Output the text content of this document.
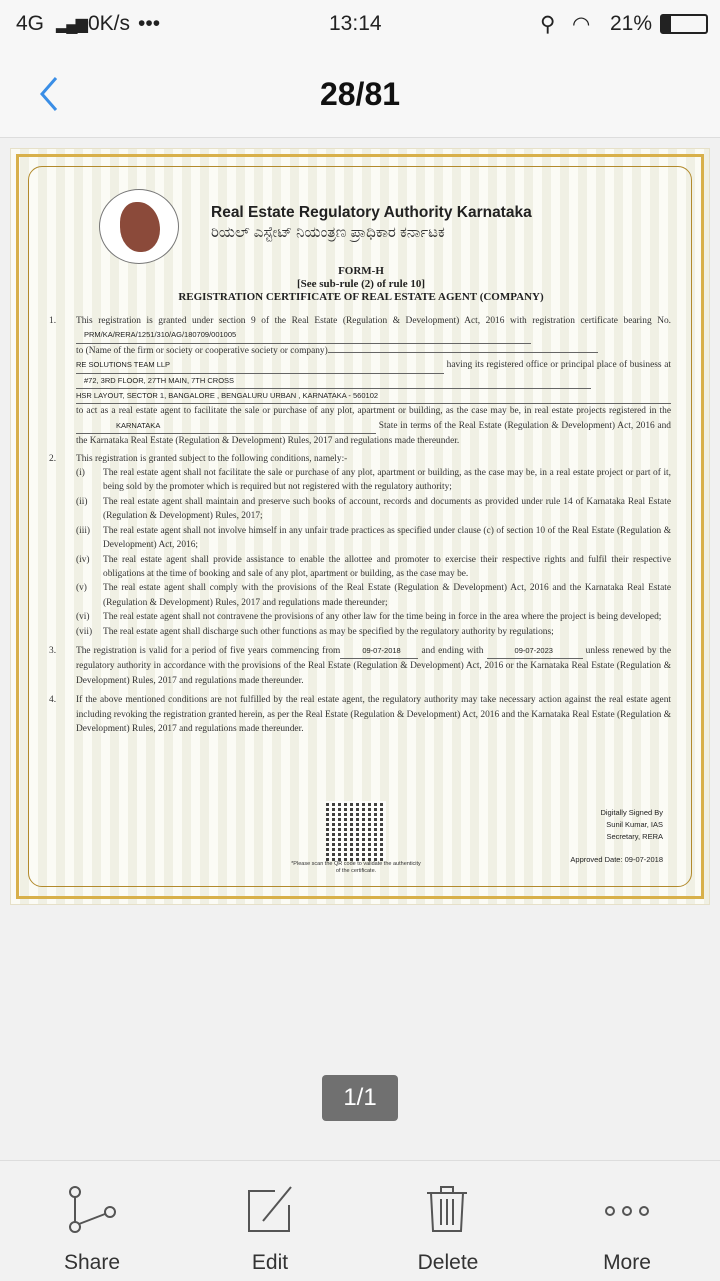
4G ▂▄▆ 0K/s •••	13:14	⚲ ◠ 21%
28/81
Real Estate Regulatory Authority Karnataka
ರಿಯಲ್ ಎಸ್ಟೇಟ್ ನಿಯಂತ್ರಣ ಪ್ರಾಧಿಕಾರ ಕರ್ನಾಟಕ
FORM-H
[See sub-rule (2) of rule 10]
REGISTRATION CERTIFICATE OF REAL ESTATE AGENT (COMPANY)
1. This registration is granted under section 9 of the Real Estate (Regulation & Development) Act, 2016 with registration certificate bearing No. PRM/KA/RERA/1251/310/AG/180709/001005
to (Name of the firm or society or cooperative society or company)
RE SOLUTIONS TEAM LLP	having its registered office or principal place of business at #72, 3RD FLOOR, 27TH MAIN, 7TH CROSS
HSR LAYOUT, SECTOR 1, BANGALORE , BENGALURU URBAN , KARNATAKA - 560102
to act as a real estate agent to facilitate the sale or purchase of any plot, apartment or building, as the case may be, in real estate projects registered in the KARNATAKA	State in terms of the Real Estate (Regulation & Development) Act, 2016 and the Karnataka Real Estate (Regulation & Development) Rules, 2017 and regulations made thereunder.
2. This registration is granted subject to the following conditions, namely:-
(i) The real estate agent shall not facilitate the sale or purchase of any plot, apartment or building, as the case may be, in a real estate project or part of it, being sold by the promoter which is required but not registered with the regulatory authority;
(ii) The real estate agent shall maintain and preserve such books of account, records and documents as provided under rule 14 of Karnataka Real Estate (Regulation & Development) Rules, 2017;
(iii) The real estate agent shall not involve himself in any unfair trade practices as specified under clause (c) of section 10 of the Real Estate (Regulation & Development) Act, 2016;
(iv) The real estate agent shall provide assistance to enable the allottee and promoter to exercise their respective rights and fulfil their respective obligations at the time of booking and sale of any plot, apartment or building, as the case may be.
(v) The real estate agent shall comply with the provisions of the Real Estate (Regulation & Development) Act, 2016 and the Karnataka Real Estate (Regulation & Development) Rules, 2017 and regulations made thereunder;
(vi) The real estate agent shall not contravene the provisions of any other law for the time being in force in the area where the project is being developed;
(vii) The real estate agent shall discharge such other functions as may be specified by the regulatory authority by regulations;
3. The registration is valid for a period of five years commencing from	09-07-2018 and ending with	09-07-2023	unless renewed by the regulatory authority in accordance with the provisions of the Real Estate (Regulation & Development) Act, 2016 or the Karnataka Real Estate (Regulation & Development) Rules, 2017 and regulations made thereunder.
4. If the above mentioned conditions are not fulfilled by the real estate agent, the regulatory authority may take necessary action against the real estate agent including revoking the registration granted herein, as per the Real Estate (Regulation & Development) Act, 2016 and the Karnataka Real Estate (Regulation & Development) Rules, 2017 and regulations made thereunder.
*Please scan the QR code to validate the authenticity of the certificate.
Digitally Signed By
Sunil Kumar, IAS
Secretary, RERA
Approved Date: 09-07-2018
1/1
Share	Edit	Delete	More
